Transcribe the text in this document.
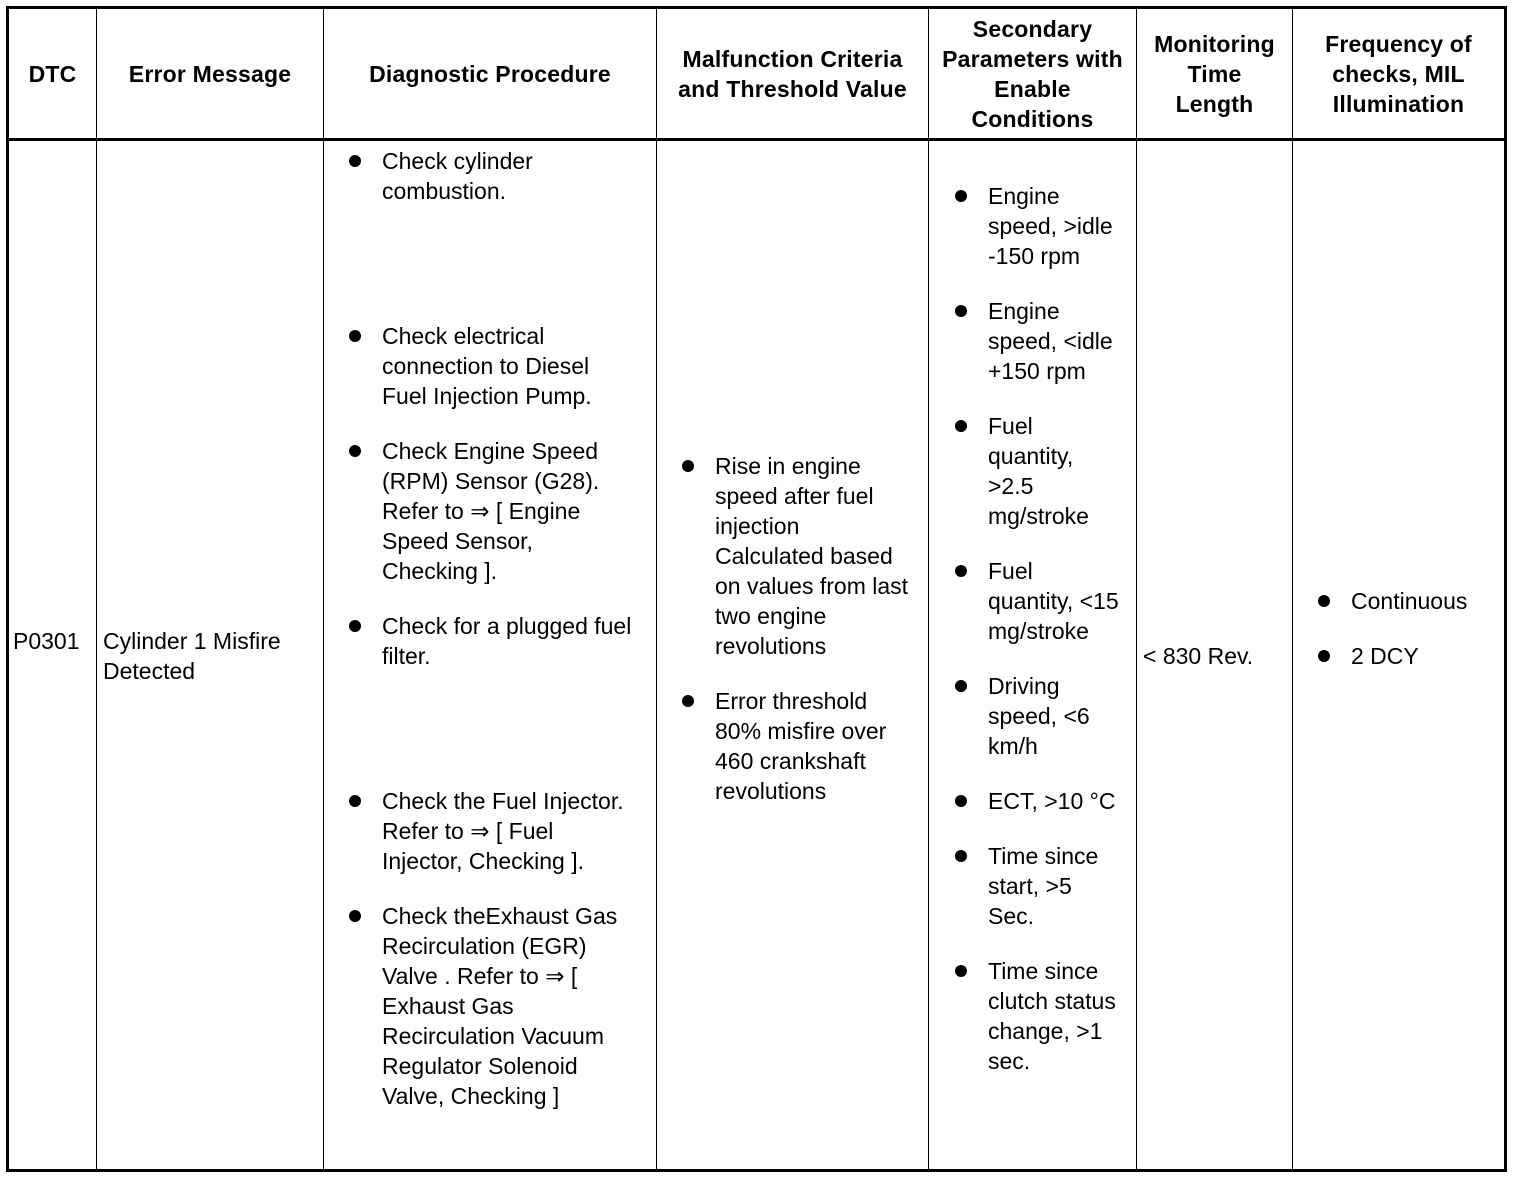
DTC Error Message	Diagnostic Procedure
Malfunction Criteria
and Threshold Value
Secondary
Parameters with
Enable
Conditions
Monitoring
Time
Length
Frequency of
checks, MIL
Illumination
P0301 Cylinder 1 Misfire
Detected
Check cylinder
combustion.
Check electrical
connection to Diesel
Fuel Injection Pump.
Check Engine Speed
(RPM) Sensor (G28).
Refer to ⇒ [ Engine
Speed Sensor,
Checking ].
Check for a plugged fuel
filter.
Check the Fuel Injector.
Refer to ⇒ [ Fuel
Injector, Checking ].
Check theExhaust Gas
Recirculation (EGR)
Valve . Refer to ⇒ [
Exhaust Gas
Recirculation Vacuum
Regulator Solenoid
Valve, Checking ]
Rise in engine
speed after fuel
injection
Calculated based
on values from last
two engine
revolutions
Error threshold
80% misfire over
460 crankshaft
revolutions
Engine
speed, >idle
-150 rpm
Engine
speed, <idle
+150 rpm
Fuel
quantity,
>2.5
mg/stroke
Fuel
quantity, <15
mg/stroke
Driving
speed, <6
km/h
ECT, >10 °C
Time since
start, >5
Sec.
Time since
clutch status
change, >1
sec.
< 830 Rev.
Continuous
2 DCY
